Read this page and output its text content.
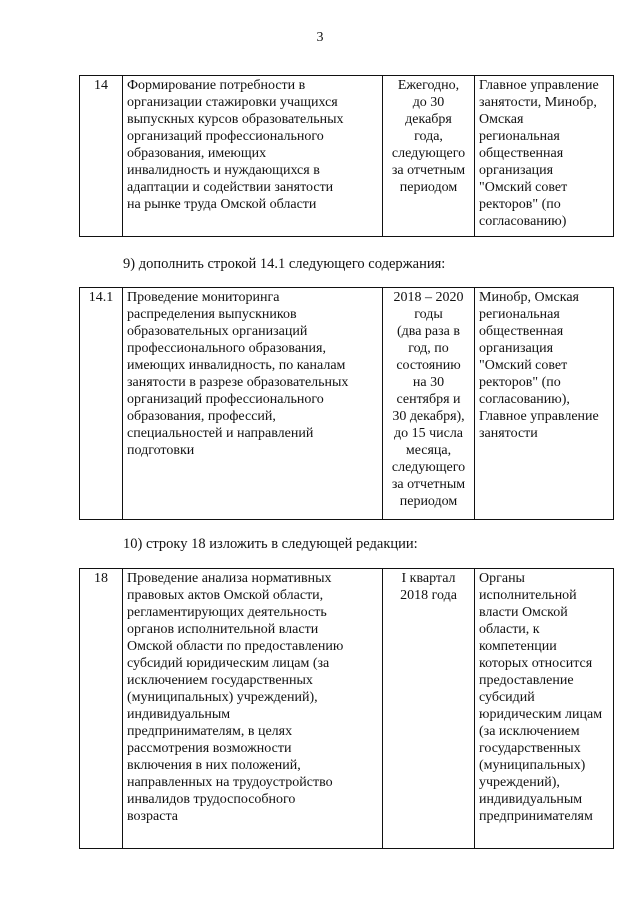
3
14	Формирование потребности в
организации стажировки учащихся
выпускных курсов образовательных
организаций профессионального
образования, имеющих
инвалидность и нуждающихся в
адаптации и содействии занятости
на рынке труда Омской области	Ежегодно,
до 30
декабря
года,
следующего
за отчетным
периодом	Главное управление
занятости, Минобр,
Омская
региональная
общественная
организация
"Омский совет
ректоров" (по
согласованию)
9) дополнить строкой 14.1 следующего содержания:
14.1	Проведение мониторинга
распределения выпускников
образовательных организаций
профессионального образования,
имеющих инвалидность, по каналам
занятости в разрезе образовательных
организаций профессионального
образования, профессий,
специальностей и направлений
подготовки	2018 – 2020
годы
(два раза в
год, по
состоянию
на 30
сентября и
30 декабря),
до 15 числа
месяца,
следующего
за отчетным
периодом	Минобр, Омская
региональная
общественная
организация
"Омский совет
ректоров" (по
согласованию),
Главное управление
занятости
10) строку 18 изложить в следующей редакции:
18	Проведение анализа нормативных
правовых актов Омской области,
регламентирующих деятельность
органов исполнительной власти
Омской области по предоставлению
субсидий юридическим лицам (за
исключением государственных
(муниципальных) учреждений),
индивидуальным
предпринимателям, в целях
рассмотрения возможности
включения в них положений,
направленных на трудоустройство
инвалидов трудоспособного
возраста	I квартал
2018 года	Органы
исполнительной
власти Омской
области, к
компетенции
которых относится
предоставление
субсидий
юридическим лицам
(за исключением
государственных
(муниципальных)
учреждений),
индивидуальным
предпринимателям
